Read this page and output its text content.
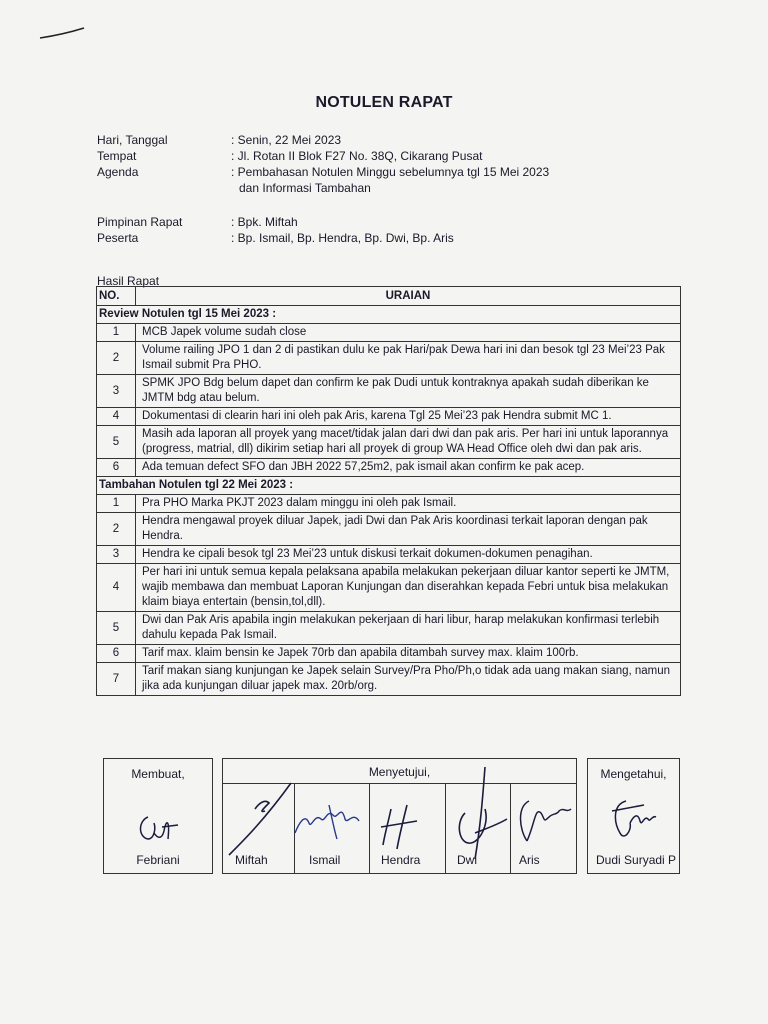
NOTULEN RAPAT
Hari, Tanggal	: Senin, 22 Mei 2023
Tempat	: Jl. Rotan II Blok F27 No. 38Q, Cikarang Pusat
Agenda	: Pembahasan Notulen Minggu sebelumnya tgl 15 Mei 2023
dan Informasi Tambahan
Pimpinan Rapat	: Bpk. Miftah
Peserta	: Bp. Ismail, Bp. Hendra, Bp. Dwi, Bp. Aris
Hasil Rapat
NO.	URAIAN
Review Notulen tgl 15 Mei 2023 :	
1	MCB Japek volume sudah close
2	Volume railing JPO 1 dan 2 di pastikan dulu ke pak Hari/pak Dewa hari ini dan besok tgl 23 Mei’23 Pak Ismail submit Pra PHO.
3	SPMK JPO Bdg belum dapet dan confirm ke pak Dudi untuk kontraknya apakah sudah diberikan ke JMTM bdg atau belum.
4	Dokumentasi di clearin hari ini oleh pak Aris, karena Tgl 25 Mei’23 pak Hendra submit MC 1.
5	Masih ada laporan all proyek yang macet/tidak jalan dari dwi dan pak aris. Per hari ini untuk laporannya (progress, matrial, dll) dikirim setiap hari all proyek di group WA Head Office oleh dwi dan pak aris.
6	Ada temuan defect SFO dan JBH 2022 57,25m2, pak ismail akan confirm ke pak acep.
Tambahan Notulen tgl 22 Mei 2023 :	
1	Pra PHO Marka PKJT 2023 dalam minggu ini oleh pak Ismail.
2	Hendra mengawal proyek diluar Japek, jadi Dwi dan Pak Aris koordinasi terkait laporan dengan pak Hendra.
3	Hendra ke cipali besok tgl 23 Mei’23 untuk diskusi terkait dokumen-dokumen penagihan.
4	Per hari ini untuk semua kepala pelaksana apabila melakukan pekerjaan diluar kantor seperti ke JMTM, wajib membawa dan membuat Laporan Kunjungan dan diserahkan kepada Febri untuk bisa melakukan klaim biaya entertain (bensin,tol,dll).
5	Dwi dan Pak Aris apabila ingin melakukan pekerjaan di hari libur, harap melakukan konfirmasi terlebih dahulu kepada Pak Ismail.
6	Tarif max. klaim bensin ke Japek 70rb dan apabila ditambah survey max. klaim 100rb.
7	Tarif makan siang kunjungan ke Japek selain Survey/Pra Pho/Ph,o tidak ada uang makan siang, namun jika ada kunjungan diluar japek max. 20rb/org.
Membuat,
Febriani
Menyetujui,
Miftah	Ismail	Hendra	Dwi	Aris
Mengetahui,
Dudi Suryadi P
